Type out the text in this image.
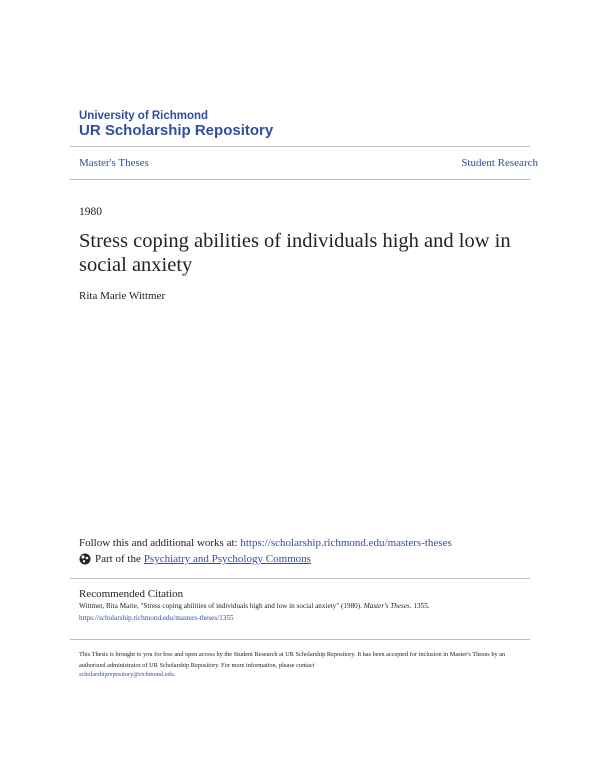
University of Richmond
UR Scholarship Repository
Master's Theses	Student Research
1980
Stress coping abilities of individuals high and low in social anxiety
Rita Marie Wittmer
Follow this and additional works at: https://scholarship.richmond.edu/masters-theses
Part of the Psychiatry and Psychology Commons
Recommended Citation
Wittmer, Rita Marie, "Stress coping abilities of individuals high and low in social anxiety" (1980). Master's Theses. 1355.
https://scholarship.richmond.edu/masters-theses/1355
This Thesis is brought to you for free and open access by the Student Research at UR Scholarship Repository. It has been accepted for inclusion in Master's Theses by an authorized administrator of UR Scholarship Repository. For more information, please contact
scholarshiprepository@richmond.edu.
